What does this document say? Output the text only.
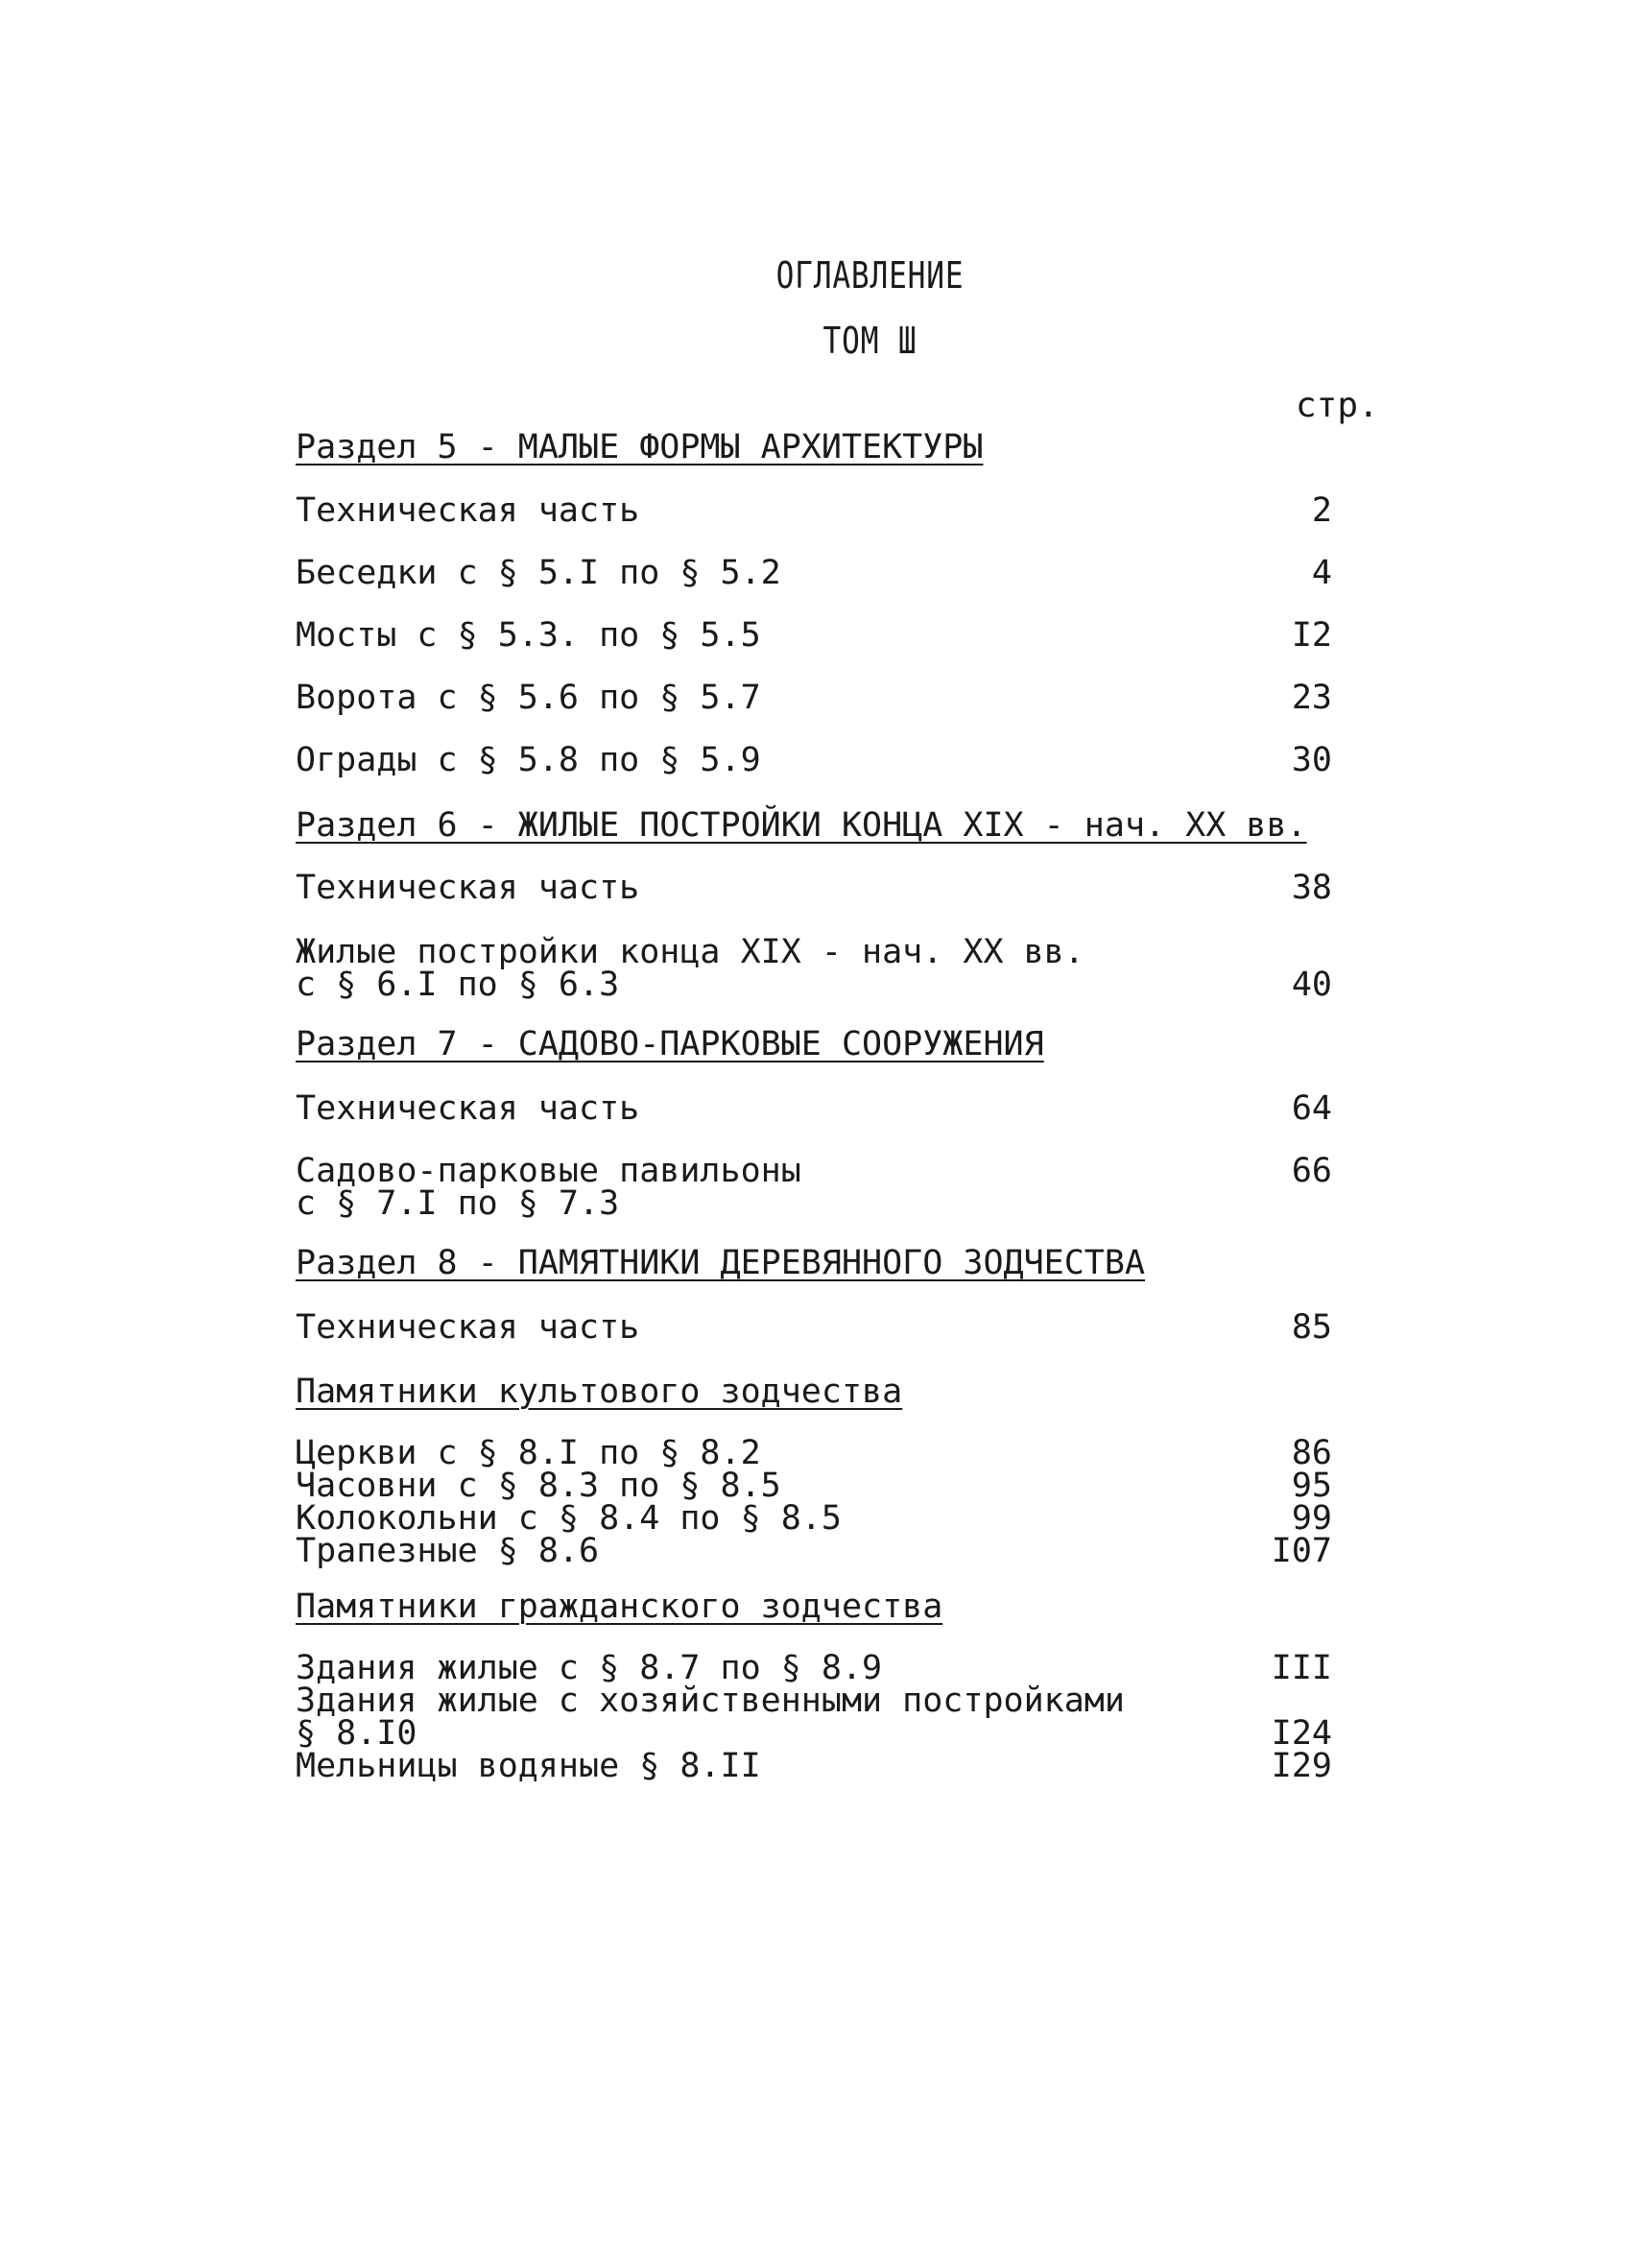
ОГЛАВЛЕНИЕ
ТОМ Ш
стр.
Раздел 5 - МАЛЫЕ ФОРМЫ АРХИТЕКТУРЫ
Техническая часть	2
Беседки с § 5.I по § 5.2	4
Мосты с § 5.3. по § 5.5	I2
Ворота с § 5.6 по § 5.7	23
Ограды с § 5.8 по § 5.9	30
Раздел 6 - ЖИЛЫЕ ПОСТРОЙКИ КОНЦА XIX - нач. XX вв.
Техническая часть	38
Жилые постройки конца XIX - нач. XX вв.
с § 6.I по § 6.3	40
Раздел 7 - САДОВО-ПАРКОВЫЕ СООРУЖЕНИЯ
Техническая часть	64
Садово-парковые павильоны	66
с § 7.I по § 7.3
Раздел 8 - ПАМЯТНИКИ ДЕРЕВЯННОГО ЗОДЧЕСТВА
Техническая часть	85
Памятники культового зодчества
Церкви с § 8.I по § 8.2	86
Часовни с § 8.3 по § 8.5	95
Колокольни с § 8.4 по § 8.5	99
Трапезные § 8.6	I07
Памятники гражданского зодчества
Здания жилые с § 8.7 по § 8.9	III
Здания жилые с хозяйственными постройками
§ 8.I0	I24
Мельницы водяные § 8.II	I29
